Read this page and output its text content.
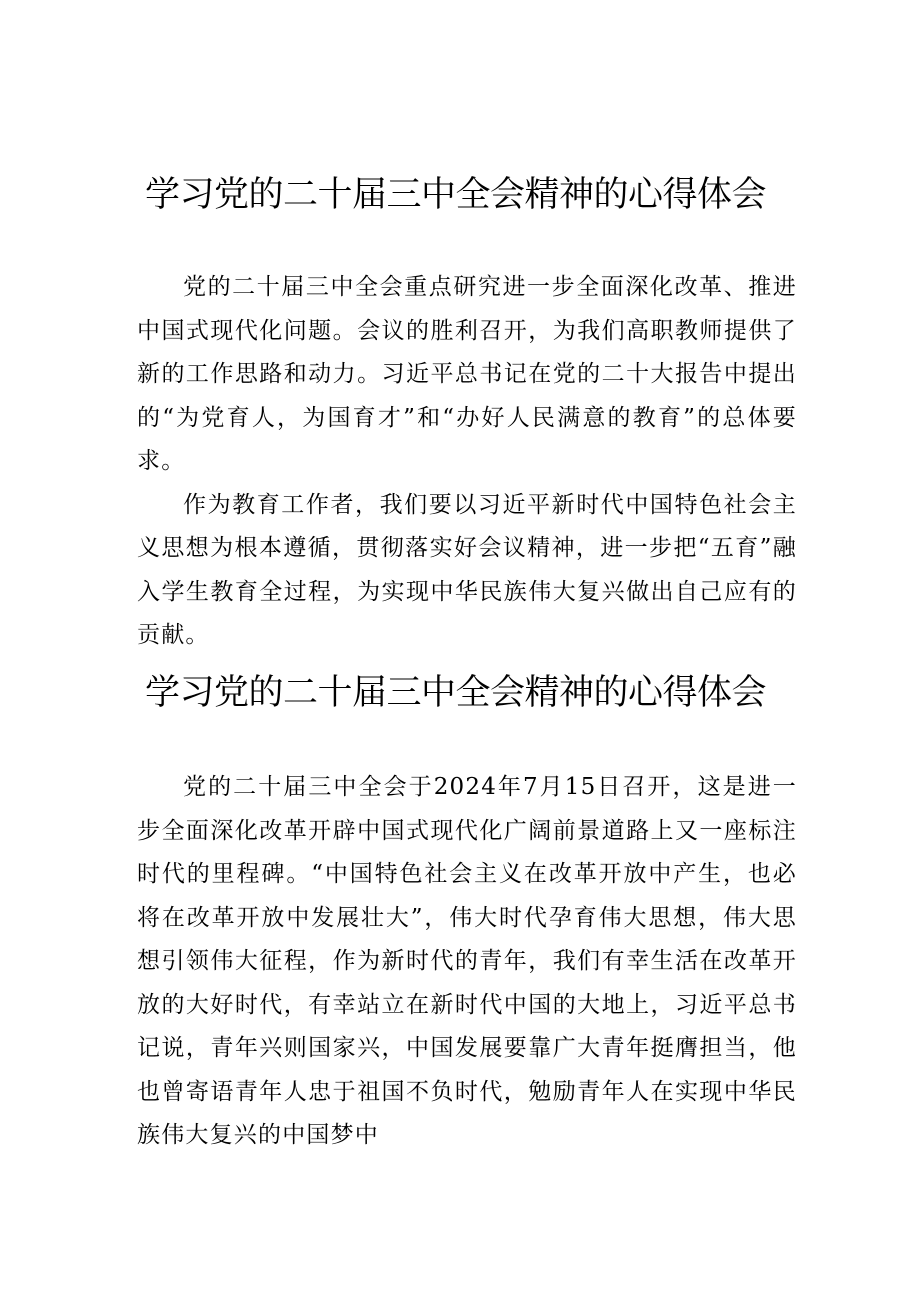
学习党的二十届三中全会精神的心得体会

党的二十届三中全会重点研究进一步全面深化改革、推进中国式现代化问题。会议的胜利召开，为我们高职教师提供了新的工作思路和动力。习近平总书记在党的二十大报告中提出的“为党育人，为国育才”和“办好人民满意的教育”的总体要求。

作为教育工作者，我们要以习近平新时代中国特色社会主义思想为根本遵循，贯彻落实好会议精神，进一步把“五育”融入学生教育全过程，为实现中华民族伟大复兴做出自己应有的贡献。

学习党的二十届三中全会精神的心得体会

党的二十届三中全会于2024年7月15日召开，这是进一步全面深化改革开辟中国式现代化广阔前景道路上又一座标注时代的里程碑。“中国特色社会主义在改革开放中产生，也必将在改革开放中发展壮大”，伟大时代孕育伟大思想，伟大思想引领伟大征程，作为新时代的青年，我们有幸生活在改革开放的大好时代，有幸站立在新时代中国的大地上，习近平总书记说，青年兴则国家兴，中国发展要靠广大青年挺膺担当，他也曾寄语青年人忠于祖国不负时代，勉励青年人在实现中华民族伟大复兴的中国梦中
